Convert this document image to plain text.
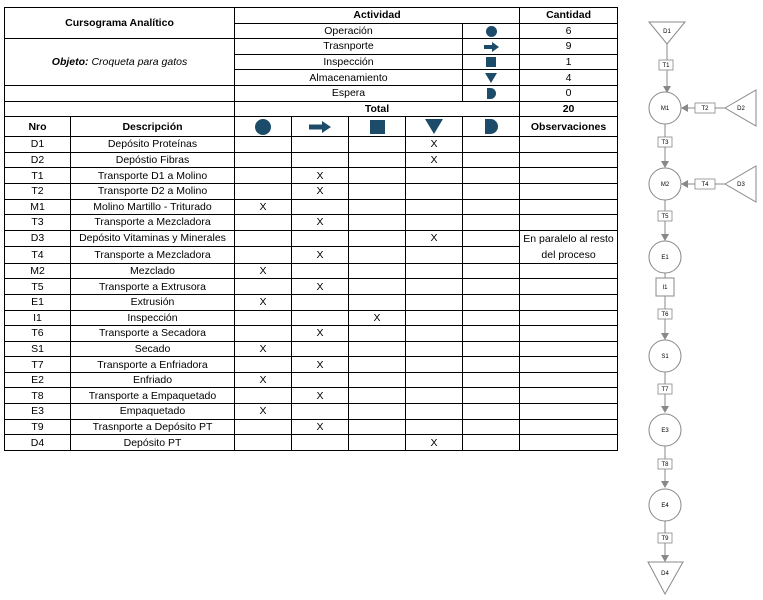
Cursograma Analítico		Actividad					Cantidad
		Operación					6
Objeto: Croqueta para gatos		Trasnporte					9
		Inspección					1
		Almacenamiento					4
		Espera					0
		Total					20
Nro	Descripción						Observaciones
D1	Depósito Proteínas				X		
D2	Depóstio Fibras				X		
T1	Transporte D1 a Molino		X				
T2	Transporte D2 a Molino		X				
M1	Molino Martillo - Triturado	X					
T3	Transporte a Mezcladora		X				
D3	Depósito Vitaminas y Minerales				X		En paralelo al resto del proceso
T4	Transporte a Mezcladora		X				
M2	Mezclado	X					
T5	Transporte a Extrusora		X				
E1	Extrusión	X					
I1	Inspección			X			
T6	Transporte a Secadora		X				
S1	Secado	X					
T7	Transporte a Enfriadora		X				
E2	Enfriado	X					
T8	Transporte a Empaquetado		X				
E3	Empaquetado	X					
T9	Trasnporte a Depósito PT		X				
D4	Depósito PT				X		
D1
T1
M1	T2	D2
T3
M2	T4	D3
T5
E1
I1
T6
S1
T7
E3
T8
E4
T9
D4
